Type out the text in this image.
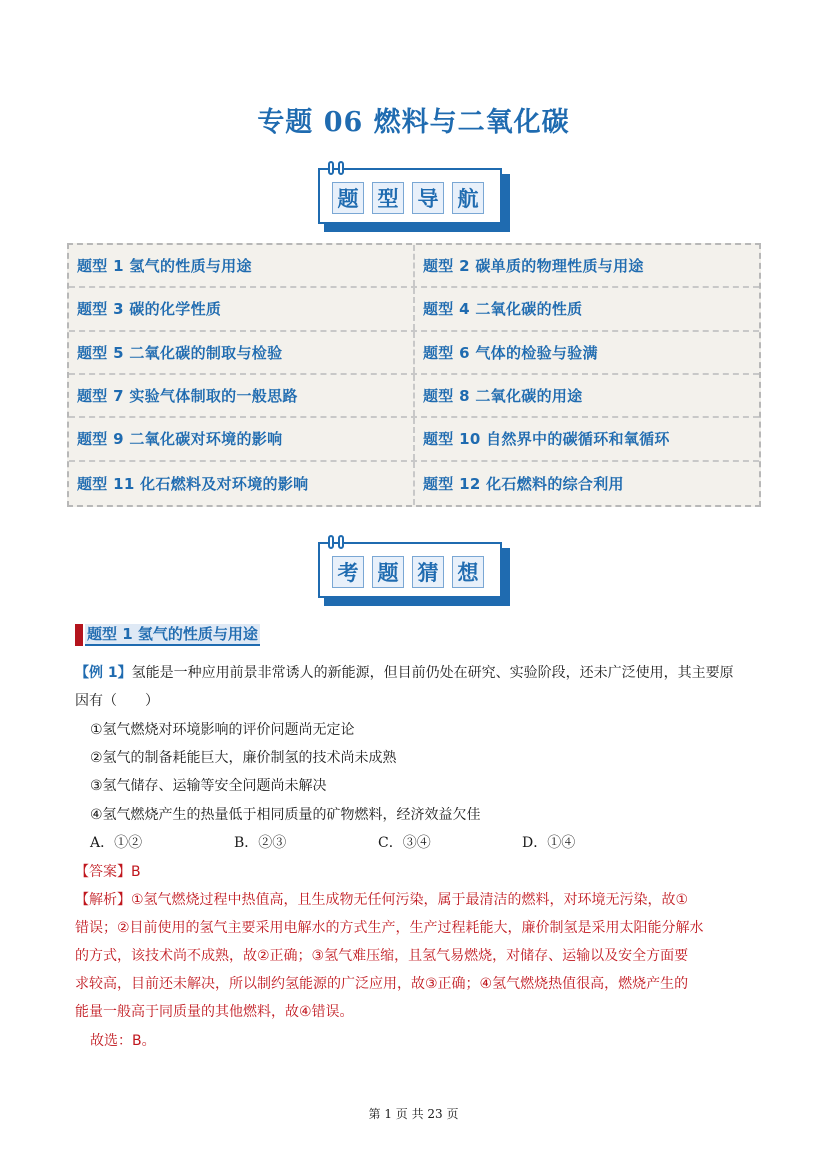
专题 06 燃料与二氧化碳
题 型 导 航
题型 1 氢气的性质与用途	题型 2 碳单质的物理性质与用途
题型 3 碳的化学性质	题型 4 二氧化碳的性质
题型 5 二氧化碳的制取与检验	题型 6 气体的检验与验满
题型 7 实验气体制取的一般思路	题型 8 二氧化碳的用途
题型 9 二氧化碳对环境的影响	题型 10 自然界中的碳循环和氧循环
题型 11 化石燃料及对环境的影响	题型 12 化石燃料的综合利用
考 题 猜 想
题型 1 氢气的性质与用途
【例 1】氢能是一种应用前景非常诱人的新能源，但目前仍处在研究、实验阶段，还未广泛使用，其主要原
因有（　　）
①氢气燃烧对环境影响的评价问题尚无定论
②氢气的制备耗能巨大，廉价制氢的技术尚未成熟
③氢气储存、运输等安全问题尚未解决
④氢气燃烧产生的热量低于相同质量的矿物燃料，经济效益欠佳
A．①②	B．②③	C．③④	D．①④
【答案】B
【解析】①氢气燃烧过程中热值高，且生成物无任何污染，属于最清洁的燃料，对环境无污染，故①
错误；②目前使用的氢气主要采用电解水的方式生产，生产过程耗能大，廉价制氢是采用太阳能分解水
的方式，该技术尚不成熟，故②正确；③氢气难压缩，且氢气易燃烧，对储存、运输以及安全方面要
求较高，目前还未解决，所以制约氢能源的广泛应用，故③正确；④氢气燃烧热值很高，燃烧产生的
能量一般高于同质量的其他燃料，故④错误。
故选：B。
第 1 页 共 23 页
